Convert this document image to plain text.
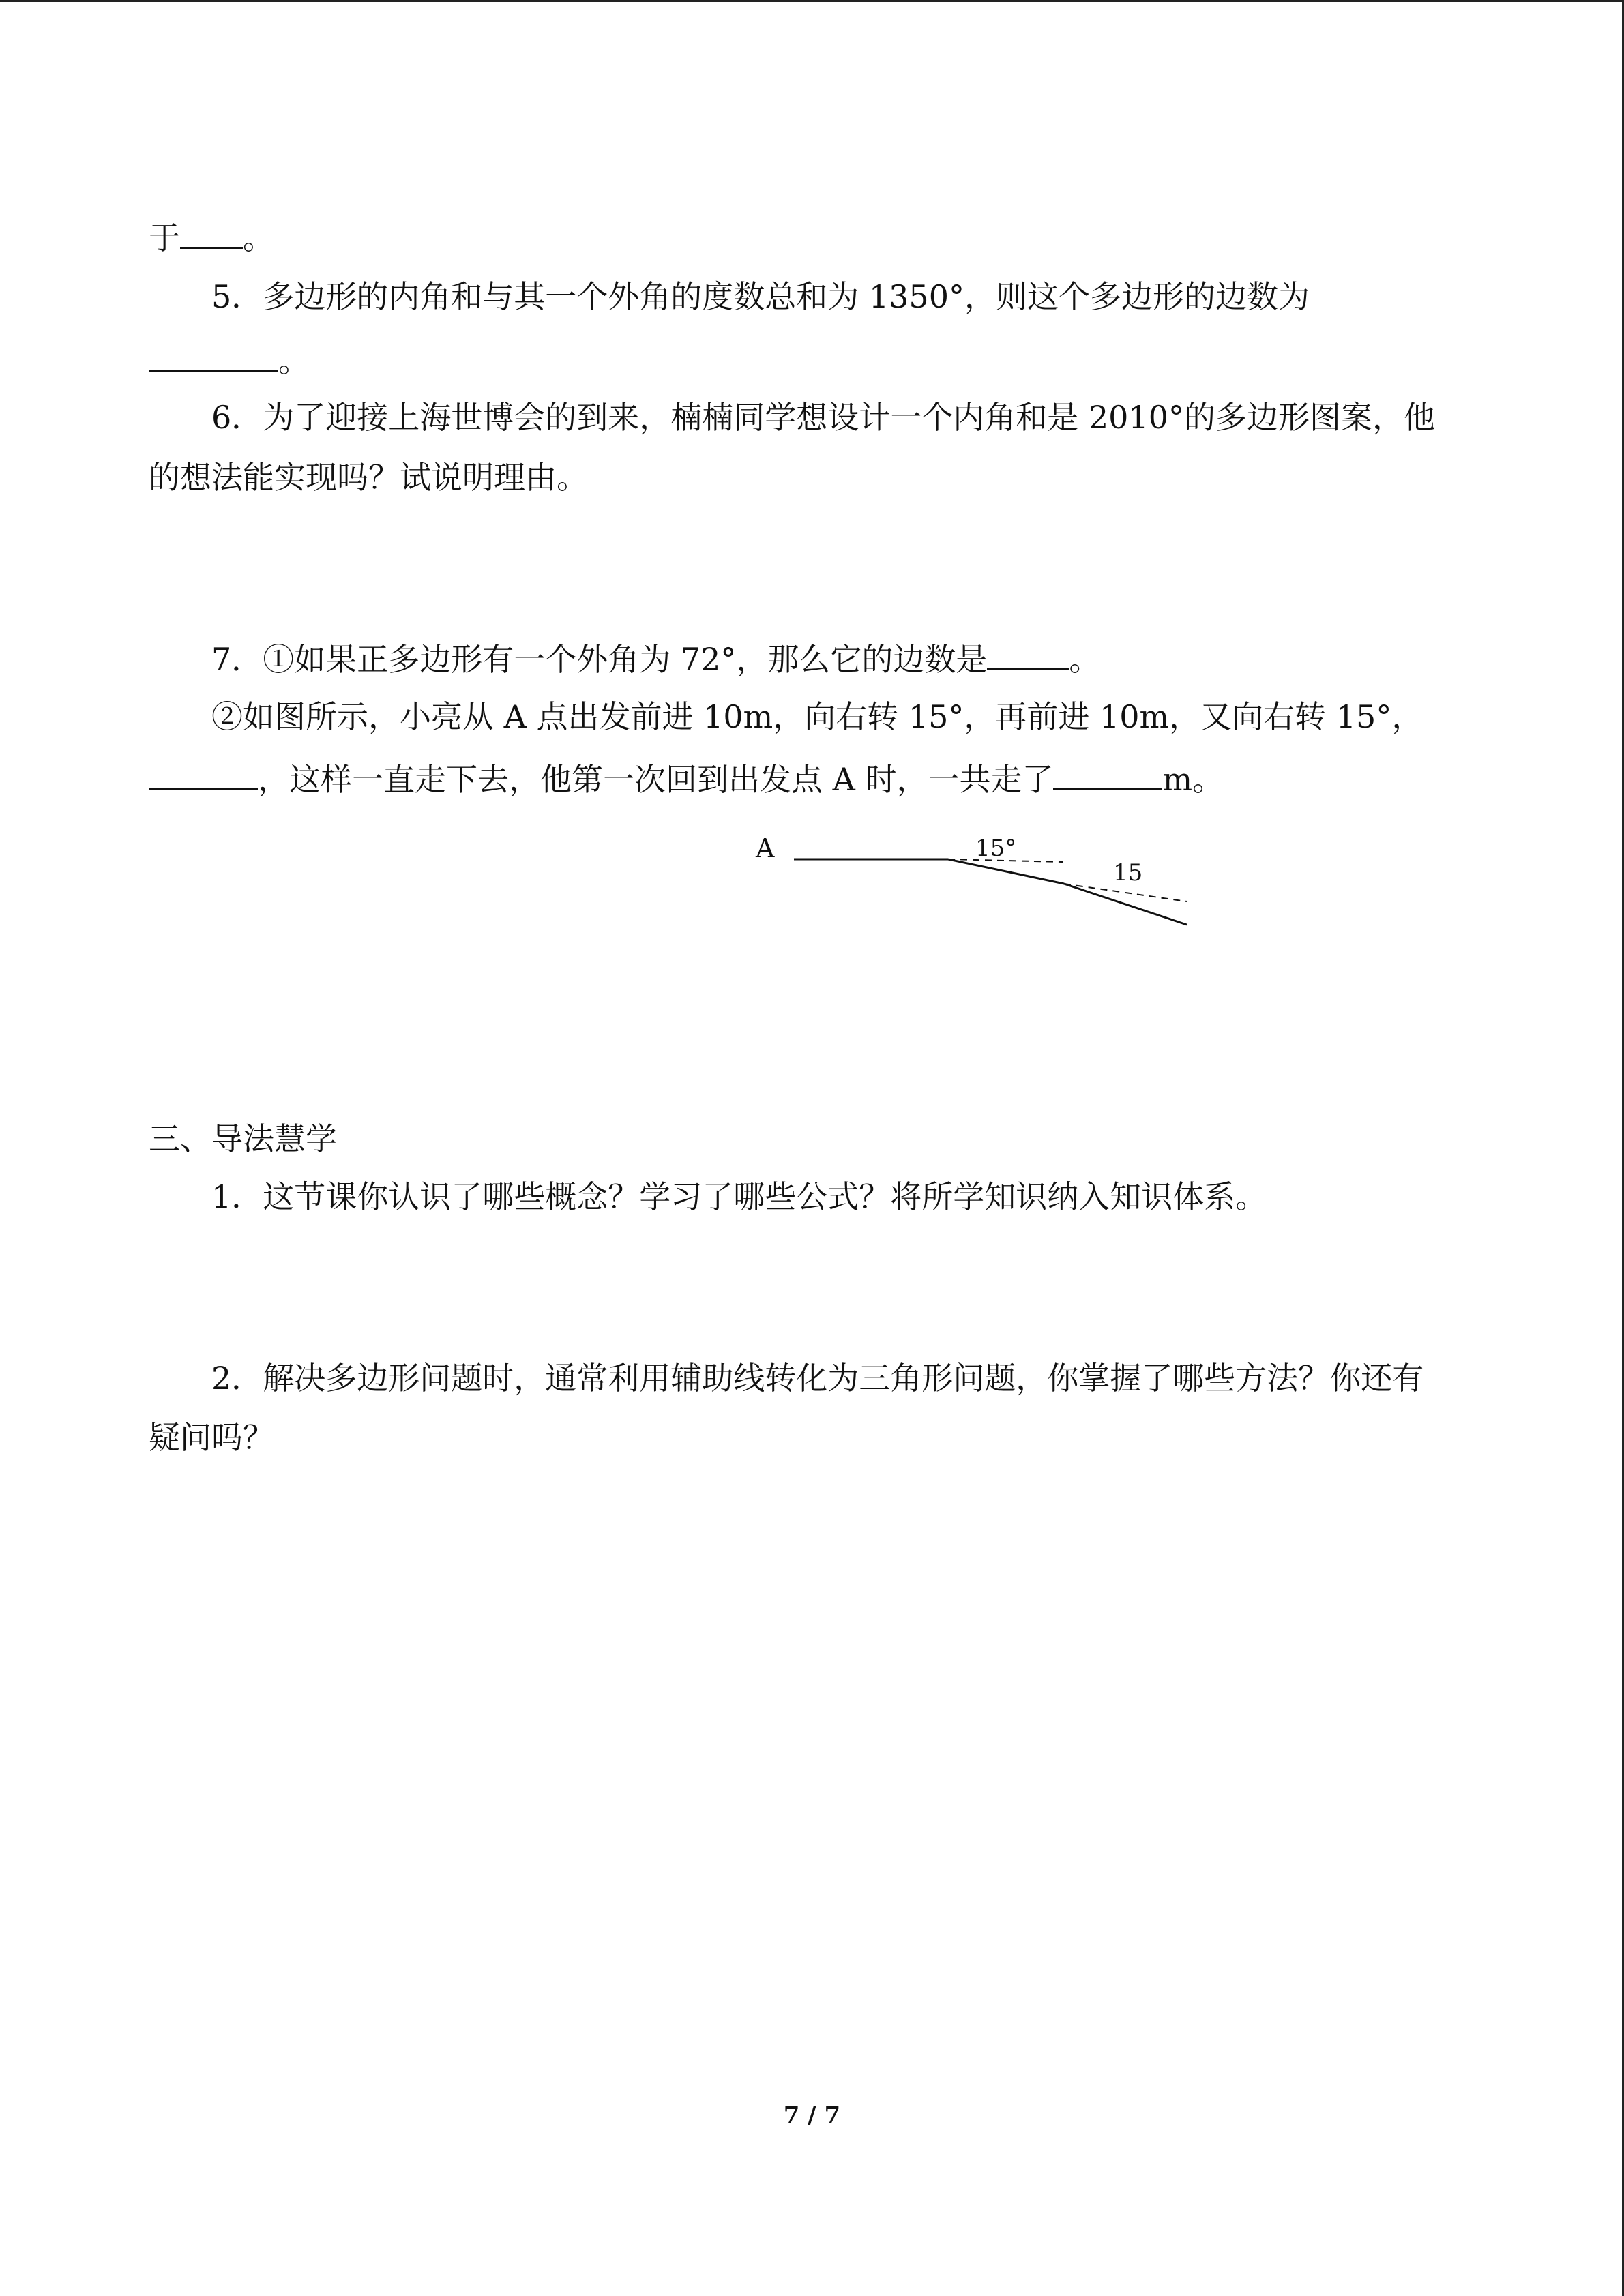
于 。
5．多边形的内角和与其一个外角的度数总和为 1350°，则这个多边形的边数为
。
6．为了迎接上海世博会的到来，楠楠同学想设计一个内角和是 2010°的多边形图案，他
的想法能实现吗？试说明理由。
7．①如果正多边形有一个外角为 72°，那么它的边数是	。
②如图所示，小亮从 A 点出发前进 10m，向右转 15°，再前进 10m，又向右转 15°，
，这样一直走下去，他第一次回到出发点 A 时，一共走了	m。
A	15°
15
三、导法慧学
1．这节课你认识了哪些概念？学习了哪些公式？将所学知识纳入知识体系。
2．解决多边形问题时，通常利用辅助线转化为三角形问题，你掌握了哪些方法？你还有
疑问吗？
7 / 7
